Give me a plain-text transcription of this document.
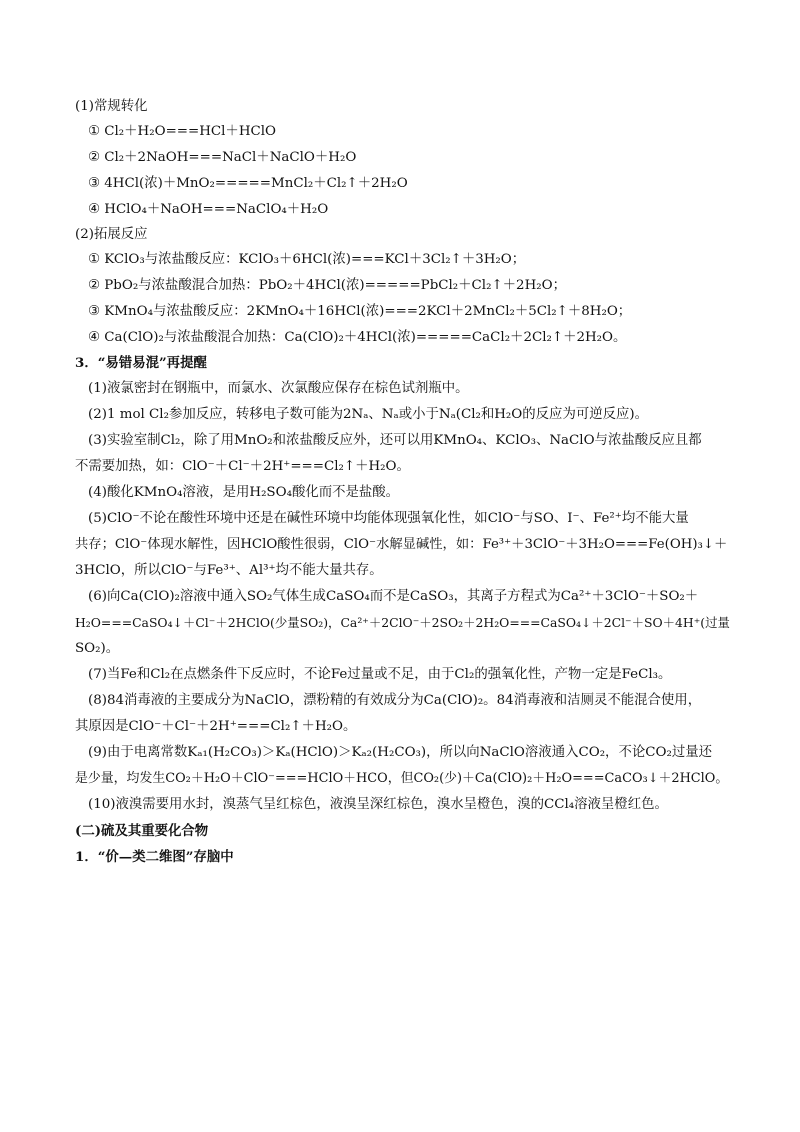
(1)常规转化
① Cl₂＋H₂O===HCl＋HClO
② Cl₂＋2NaOH===NaCl＋NaClO＋H₂O
③ 4HCl(浓)＋MnO₂=====MnCl₂＋Cl₂↑＋2H₂O
④ HClO₄＋NaOH===NaClO₄＋H₂O
(2)拓展反应
① KClO₃与浓盐酸反应：KClO₃＋6HCl(浓)===KCl＋3Cl₂↑＋3H₂O；
② PbO₂与浓盐酸混合加热：PbO₂＋4HCl(浓)=====PbCl₂＋Cl₂↑＋2H₂O；
③ KMnO₄与浓盐酸反应：2KMnO₄＋16HCl(浓)===2KCl＋2MnCl₂＋5Cl₂↑＋8H₂O；
④ Ca(ClO)₂与浓盐酸混合加热：Ca(ClO)₂＋4HCl(浓)=====CaCl₂＋2Cl₂↑＋2H₂O。
3．“易错易混”再提醒
(1)液氯密封在钢瓶中，而氯水、次氯酸应保存在棕色试剂瓶中。
(2)1 mol Cl₂参加反应，转移电子数可能为2Nₐ、Nₐ或小于Nₐ(Cl₂和H₂O的反应为可逆反应)。
(3)实验室制Cl₂，除了用MnO₂和浓盐酸反应外，还可以用KMnO₄、KClO₃、NaClO与浓盐酸反应且都
不需要加热，如：ClO⁻＋Cl⁻＋2H⁺===Cl₂↑＋H₂O。
(4)酸化KMnO₄溶液，是用H₂SO₄酸化而不是盐酸。
(5)ClO⁻不论在酸性环境中还是在碱性环境中均能体现强氧化性，如ClO⁻与SO、I⁻、Fe²⁺均不能大量
共存；ClO⁻体现水解性，因HClO酸性很弱，ClO⁻水解显碱性，如：Fe³⁺＋3ClO⁻＋3H₂O===Fe(OH)₃↓＋
3HClO，所以ClO⁻与Fe³⁺、Al³⁺均不能大量共存。
(6)向Ca(ClO)₂溶液中通入SO₂气体生成CaSO₄而不是CaSO₃，其离子方程式为Ca²⁺＋3ClO⁻＋SO₂＋
H₂O===CaSO₄↓＋Cl⁻＋2HClO(少量SO₂)，Ca²⁺＋2ClO⁻＋2SO₂＋2H₂O===CaSO₄↓＋2Cl⁻＋SO＋4H⁺(过量
SO₂)。
(7)当Fe和Cl₂在点燃条件下反应时，不论Fe过量或不足，由于Cl₂的强氧化性，产物一定是FeCl₃。
(8)84消毒液的主要成分为NaClO，漂粉精的有效成分为Ca(ClO)₂。84消毒液和洁厕灵不能混合使用，
其原因是ClO⁻＋Cl⁻＋2H⁺===Cl₂↑＋H₂O。
(9)由于电离常数Kₐ₁(H₂CO₃)＞Kₐ(HClO)＞Kₐ₂(H₂CO₃)，所以向NaClO溶液通入CO₂，不论CO₂过量还
是少量，均发生CO₂＋H₂O＋ClO⁻===HClO＋HCO，但CO₂(少)＋Ca(ClO)₂＋H₂O===CaCO₃↓＋2HClO。
(10)液溴需要用水封，溴蒸气呈红棕色，液溴呈深红棕色，溴水呈橙色，溴的CCl₄溶液呈橙红色。
(二)硫及其重要化合物
1．“价—类二维图”存脑中
